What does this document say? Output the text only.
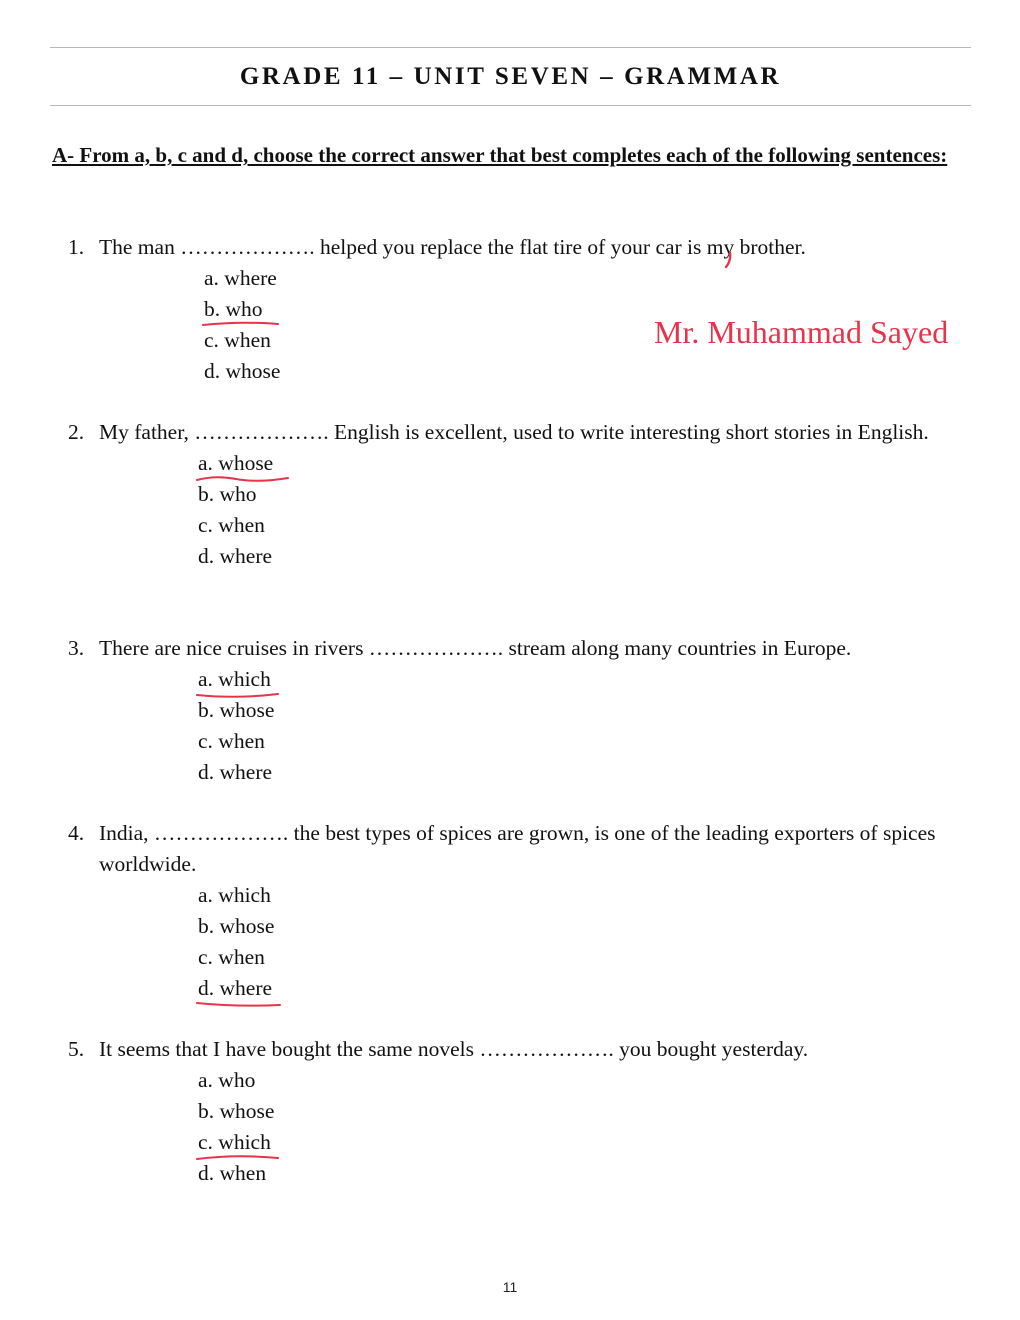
GRADE 11 – UNIT SEVEN – GRAMMAR
A- From a, b, c and d, choose the correct answer that best completes each of the following sentences:
1. The man ………………. helped you replace the flat tire of your car is my brother.
a. where
b. who
c. when
d. whose
Mr. Muhammad Sayed
2. My father, ………………. English is excellent, used to write interesting short stories in English.
a. whose
b. who
c. when
d. where
3. There are nice cruises in rivers ………………. stream along many countries in Europe.
a. which
b. whose
c. when
d. where
4. India, ………………. the best types of spices are grown, is one of the leading exporters of spices worldwide.
a. which
b. whose
c. when
d. where
5. It seems that I have bought the same novels ………………. you bought yesterday.
a. who
b. whose
c. which
d. when
11
